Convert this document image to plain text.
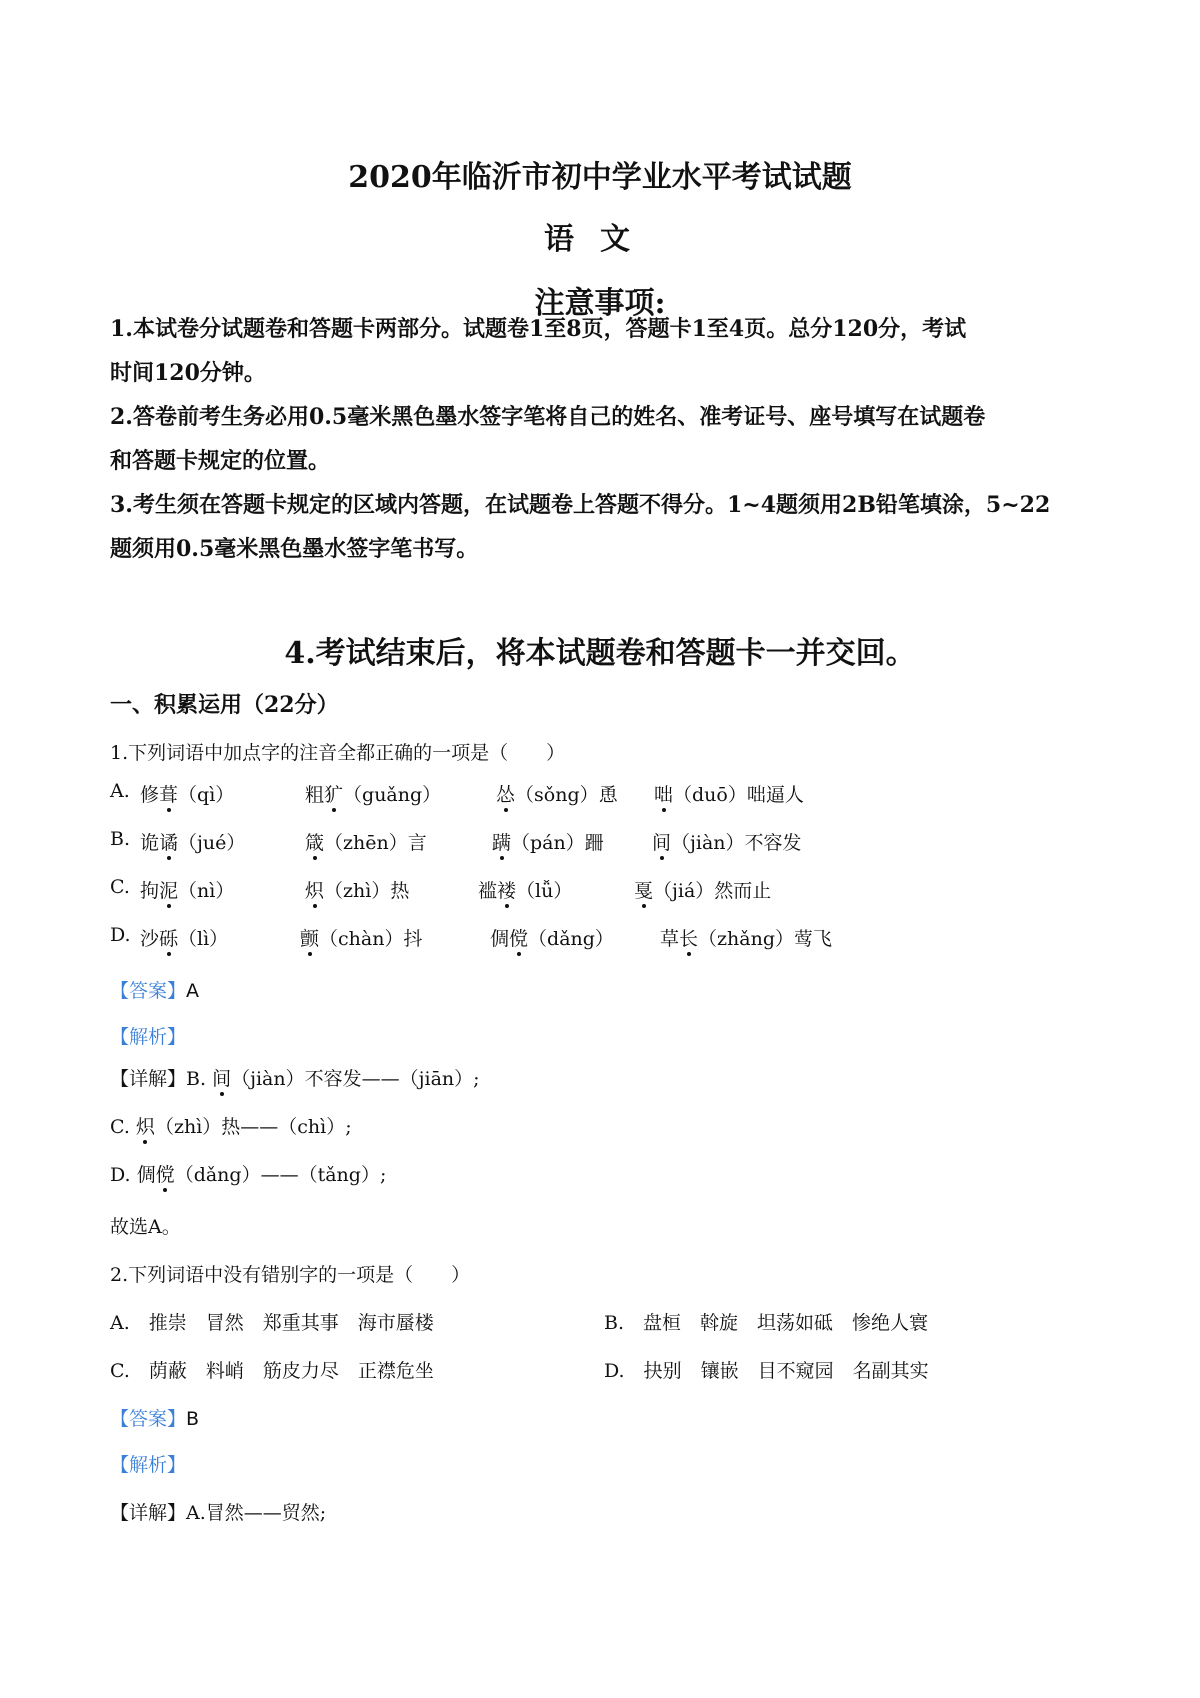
2020年临沂市初中学业水平考试试题
语文
注意事项:
1.本试卷分试题卷和答题卡两部分。试题卷1至8页，答题卡1至4页。总分120分，考试
时间120分钟。
2.答卷前考生务必用0.5毫米黑色墨水签字笔将自己的姓名、准考证号、座号填写在试题卷
和答题卡规定的位置。
3.考生须在答题卡规定的区域内答题，在试题卷上答题不得分。1~4题须用2B铅笔填涂，5~22
题须用0.5毫米黑色墨水签字笔书写。
4.考试结束后，将本试题卷和答题卡一并交回。
一、积累运用（22分）
1.下列词语中加点字的注音全都正确的一项是（　　）
A. 修葺（qì）	粗犷（guǎng）	怂（sǒng）恿 咄（duō）咄逼人
B. 诡谲（jué）	箴（zhēn）言	蹒（pán）跚	间（jiàn）不容发
C. 拘泥（nì）	炽（zhì）热	褴褛（lǚ）	戛（jiá）然而止
D. 沙砾（lì）	颤（chàn）抖	倜傥（dǎng） 草长（zhǎng）莺飞
【答案】A
【解析】
【详解】B. 间（jiàn）不容发——（jiān）;
C. 炽（zhì）热——（chì）;
D. 倜傥（dǎng）——（tǎng）;
故选A。
2.下列词语中没有错别字的一项是（　　）
A.　推崇　冒然　郑重其事　海市蜃楼	B.　盘桓　斡旋　坦荡如砥　惨绝人寰
C.　荫蔽　料峭　筋皮力尽　正襟危坐	D.　抉别　镶嵌　目不窥园　名副其实
【答案】B
【解析】
【详解】A.冒然——贸然;
